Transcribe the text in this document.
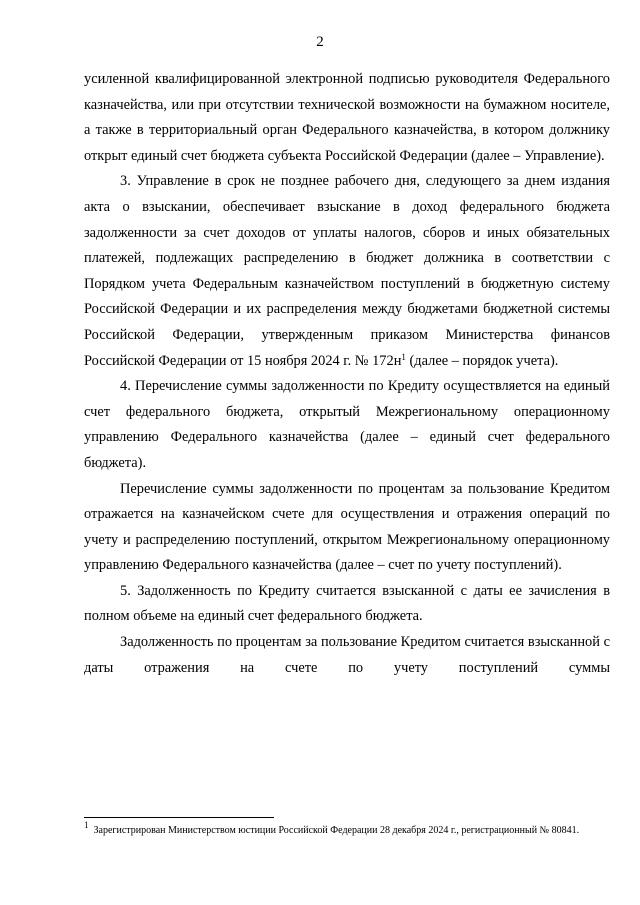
2

усиленной квалифицированной электронной подписью руководителя Федерального казначейства, или при отсутствии технической возможности на бумажном носителе, а также в территориальный орган Федерального казначейства, в котором должнику открыт единый счет бюджета субъекта Российской Федерации (далее – Управление).

3. Управление в срок не позднее рабочего дня, следующего за днем издания акта о взыскании, обеспечивает взыскание в доход федерального бюджета задолженности за счет доходов от уплаты налогов, сборов и иных обязательных платежей, подлежащих распределению в бюджет должника в соответствии с Порядком учета Федеральным казначейством поступлений в бюджетную систему Российской Федерации и их распределения между бюджетами бюджетной системы Российской Федерации, утвержденным приказом Министерства финансов Российской Федерации от 15 ноября 2024 г. № $172н^1$ (далее – порядок учета).

4. Перечисление суммы задолженности по Кредиту осуществляется на единый счет федерального бюджета, открытый Межрегиональному операционному управлению Федерального казначейства (далее – единый счет федерального бюджета).

Перечисление суммы задолженности по процентам за пользование Кредитом отражается на казначейском счете для осуществления и отражения операций по учету и распределению поступлений, открытом Межрегиональному операционному управлению Федерального казначейства (далее – счет по учету поступлений).

5. Задолженность по Кредиту считается взысканной с даты ее зачисления в полном объеме на единый счет федерального бюджета.

Задолженность по процентам за пользование Кредитом считается взысканной с даты отражения на счете по учету поступлений суммы

$^1$ Зарегистрирован Министерством юстиции Российской Федерации 28 декабря 2024 г., регистрационный № 80841.
